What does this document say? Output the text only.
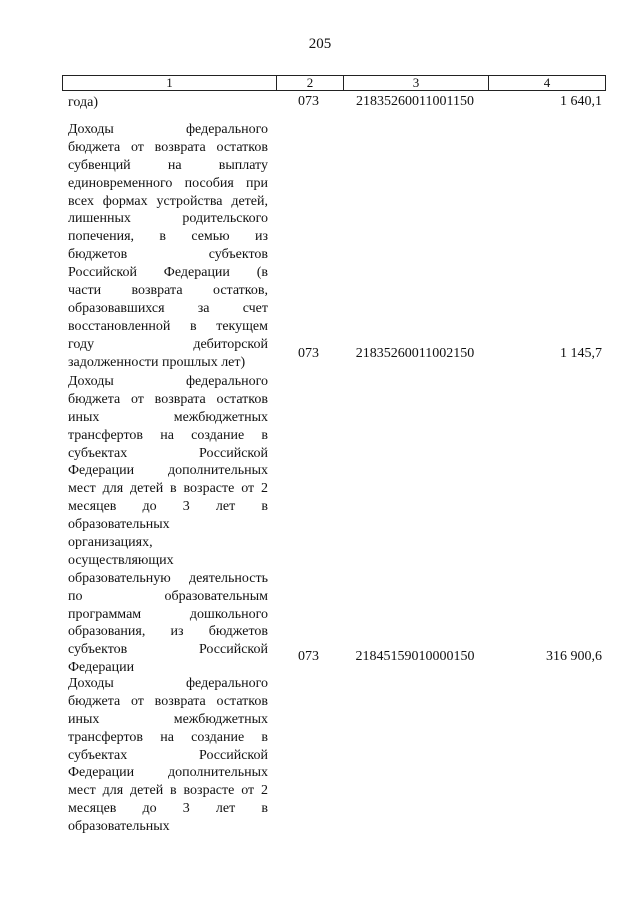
205
1	2	3	4
года)	073	21835260011001150	1 640,1
Доходы федерального
бюджета от возврата остатков
субвенций на выплату
единовременного пособия при
всех формах устройства детей,
лишенных родительского
попечения, в семью из
бюджетов субъектов
Российской Федерации (в
части возврата остатков,
образовавшихся за счет
восстановленной в текущем
году дебиторской
задолженности прошлых лет)
073	21835260011002150	1 145,7
Доходы федерального
бюджета от возврата остатков
иных межбюджетных
трансфертов на создание в
субъектах Российской
Федерации дополнительных
мест для детей в возрасте от 2
месяцев до 3 лет в
образовательных
организациях,
осуществляющих
образовательную деятельность
по образовательным
программам дошкольного
образования, из бюджетов
субъектов Российской
Федерации
073	21845159010000150	316 900,6
Доходы федерального
бюджета от возврата остатков
иных межбюджетных
трансфертов на создание в
субъектах Российской
Федерации дополнительных
мест для детей в возрасте от 2
месяцев до 3 лет в
образовательных
